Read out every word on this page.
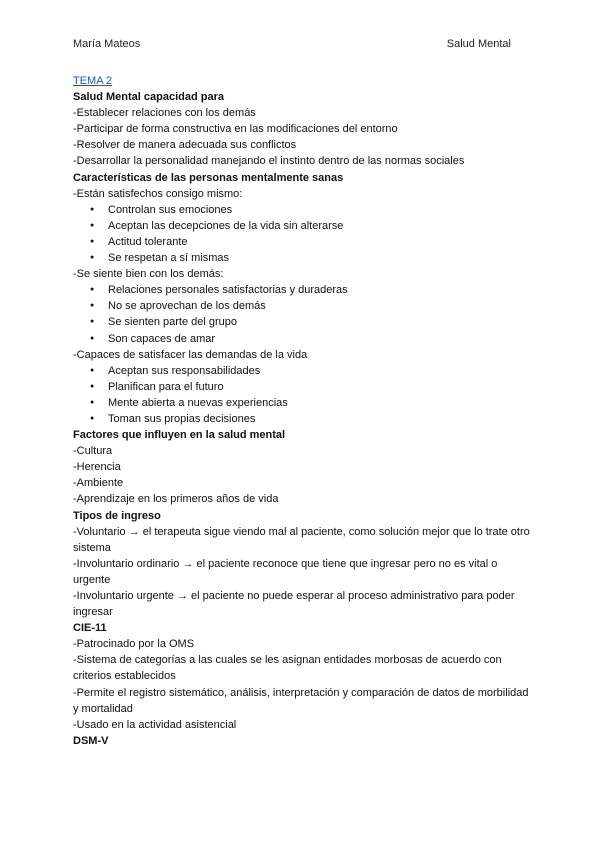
María Mateos	Salud Mental
TEMA 2
Salud Mental capacidad para
-Establecer relaciones con los demás
-Participar de forma constructiva en las modificaciones del entorno
-Resolver de manera adecuada sus conflictos
-Desarrollar la personalidad manejando el instinto dentro de las normas sociales
Características de las personas mentalmente sanas
-Están satisfechos consigo mismo:
● Controlan sus emociones
● Aceptan las decepciones de la vida sin alterarse
● Actitud tolerante
● Se respetan a sí mismas
-Se siente bien con los demás:
● Relaciones personales satisfactorias y duraderas
● No se aprovechan de los demás
● Se sienten parte del grupo
● Son capaces de amar
-Capaces de satisfacer las demandas de la vida
● Aceptan sus responsabilidades
● Planifican para el futuro
● Mente abierta a nuevas experiencias
● Toman sus propias decisiones
Factores que influyen en la salud mental
-Cultura
-Herencia
-Ambiente
-Aprendizaje en los primeros años de vida
Tipos de ingreso
-Voluntario → el terapeuta sigue viendo mal al paciente, como solución mejor que lo trate otro sistema
-Involuntario ordinario → el paciente reconoce que tiene que ingresar pero no es vital o urgente
-Involuntario urgente → el paciente no puede esperar al proceso administrativo para poder ingresar
CIE-11
-Patrocinado por la OMS
-Sistema de categorías a las cuales se les asignan entidades morbosas de acuerdo con criterios establecidos
-Permite el registro sistemático, análisis, interpretación y comparación de datos de morbilidad y mortalidad
-Usado en la actividad asistencial
DSM-V
